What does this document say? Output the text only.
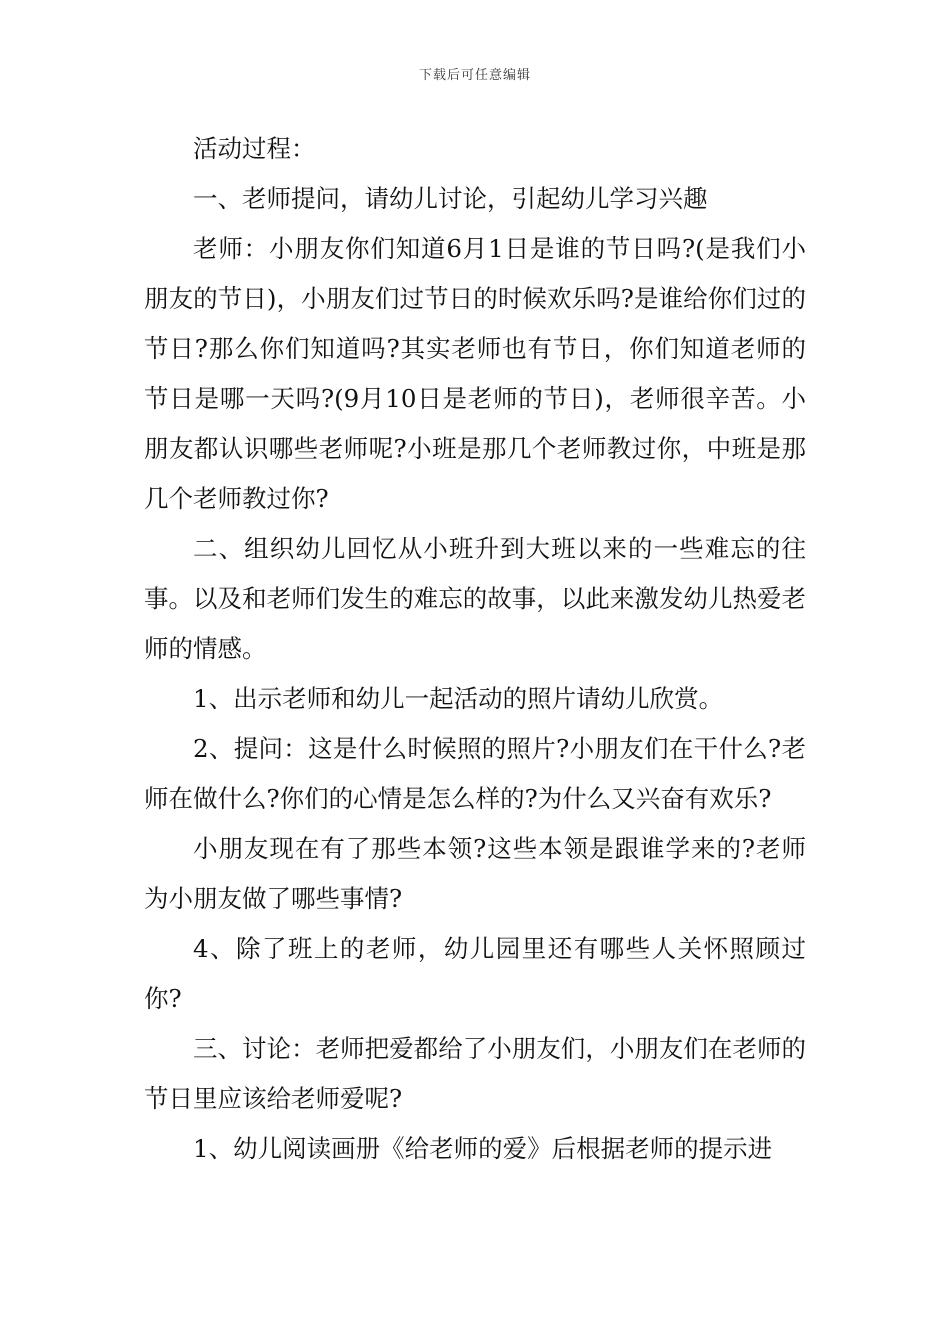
下载后可任意编辑

活动过程：

一、老师提问，请幼儿讨论，引起幼儿学习兴趣

老师：小朋友你们知道6月1日是谁的节日吗?(是我们小朋友的节日)，小朋友们过节日的时候欢乐吗?是谁给你们过的节日?那么你们知道吗?其实老师也有节日，你们知道老师的节日是哪一天吗?(9月10日是老师的节日)，老师很辛苦。小朋友都认识哪些老师呢?小班是那几个老师教过你，中班是那几个老师教过你?

二、组织幼儿回忆从小班升到大班以来的一些难忘的往事。以及和老师们发生的难忘的故事，以此来激发幼儿热爱老师的情感。

1、出示老师和幼儿一起活动的照片请幼儿欣赏。

2、提问：这是什么时候照的照片?小朋友们在干什么?老师在做什么?你们的心情是怎么样的?为什么又兴奋有欢乐?

小朋友现在有了那些本领?这些本领是跟谁学来的?老师为小朋友做了哪些事情?

4、除了班上的老师，幼儿园里还有哪些人关怀照顾过你?

三、讨论：老师把爱都给了小朋友们，小朋友们在老师的节日里应该给老师爱呢?

1、幼儿阅读画册《给老师的爱》后根据老师的提示进
